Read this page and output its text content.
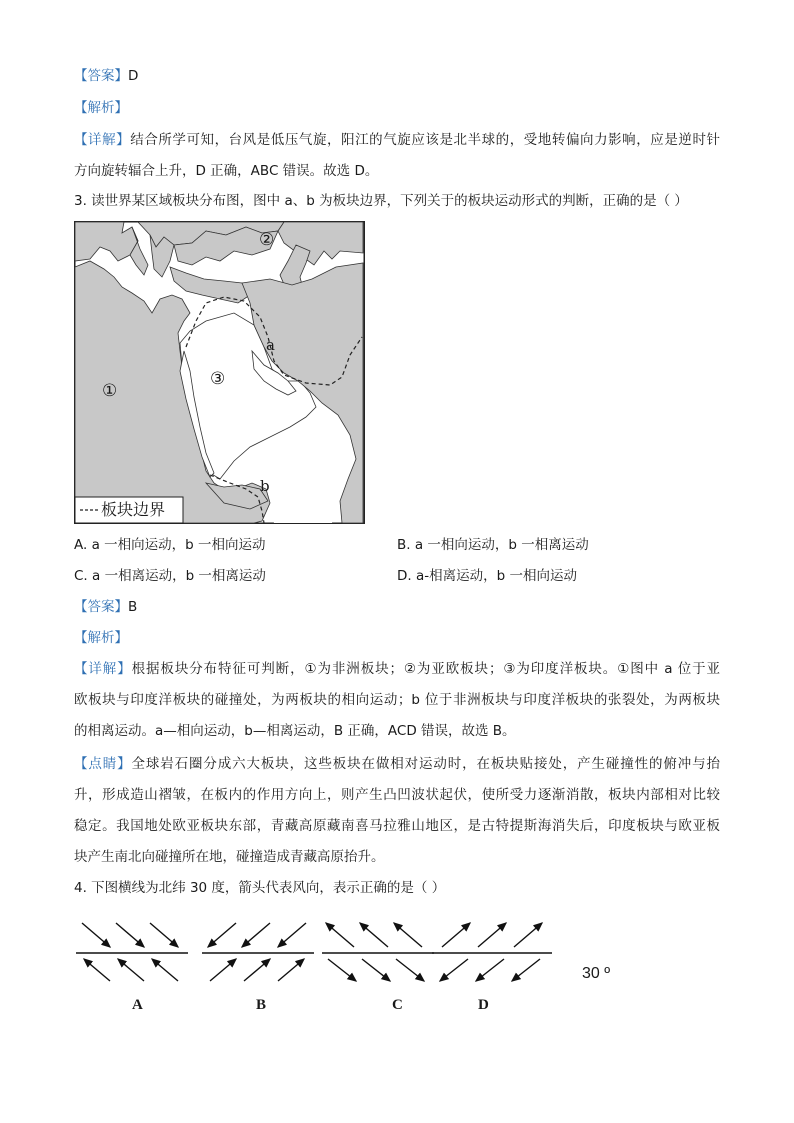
【答案】D
【解析】
【详解】结合所学可知，台风是低压气旋，阳江的气旋应该是北半球的，受地转偏向力影响，应是逆时针
方向旋转辐合上升，D 正确，ABC 错误。故选 D。
3. 读世界某区域板块分布图，图中 a、b 为板块边界，下列关于的板块运动形式的判断，正确的是（ ）
板块边界
①
②
③
a
b
A. a 一相向运动，b 一相向运动	B. a 一相向运动，b 一相离运动
C. a 一相离运动，b 一相离运动	D. a-相离运动，b 一相向运动
【答案】B
【解析】
【详解】根据板块分布特征可判断，①为非洲板块；②为亚欧板块；③为印度洋板块。①图中 a 位于亚
欧板块与印度洋板块的碰撞处，为两板块的相向运动；b 位于非洲板块与印度洋板块的张裂处，为两板块
的相离运动。a—相向运动，b—相离运动，B 正确，ACD 错误，故选 B。
【点睛】全球岩石圈分成六大板块，这些板块在做相对运动时，在板块贴接处，产生碰撞性的俯冲与抬
升，形成造山褶皱，在板内的作用方向上，则产生凸凹波状起伏，使所受力逐渐消散，板块内部相对比较
稳定。我国地处欧亚板块东部，青藏高原藏南喜马拉雅山地区，是古特提斯海消失后，印度板块与欧亚板
块产生南北向碰撞所在地，碰撞造成青藏高原抬升。
4. 下图横线为北纬 30 度，箭头代表风向，表示正确的是（ ）
30 º
A	B	C	D
